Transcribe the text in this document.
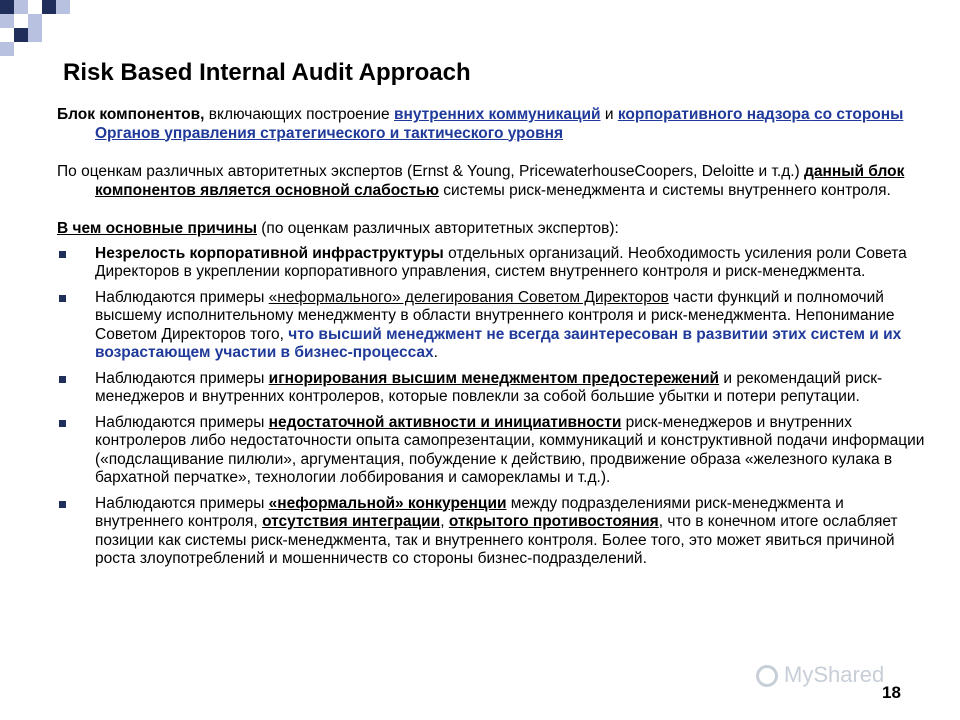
Risk Based Internal Audit Approach

Блок компонентов, включающих построение внутренних коммуникаций и корпоративного надзора со стороны Органов управления стратегического и тактического уровня

По оценкам различных авторитетных экспертов (Ernst & Young, PricewaterhouseCoopers, Deloitte и т.д.) данный блок компонентов является основной слабостью системы риск-менеджмента и системы внутреннего контроля.

В чем основные причины (по оценкам различных авторитетных экспертов):

Незрелость корпоративной инфраструктуры отдельных организаций. Необходимость усиления роли Совета Директоров в укреплении корпоративного управления, систем внутреннего контроля и риск-менеджмента.
Наблюдаются примеры «неформального» делегирования Советом Директоров части функций и полномочий высшему исполнительному менеджменту в области внутреннего контроля и риск-менеджмента. Непонимание Советом Директоров того, что высший менеджмент не всегда заинтересован в развитии этих систем и их возрастающем участии в бизнес-процессах.
Наблюдаются примеры игнорирования высшим менеджментом предостережений и рекомендаций риск-менеджеров и внутренних контролеров, которые повлекли за собой большие убытки и потери репутации.
Наблюдаются примеры недостаточной активности и инициативности риск-менеджеров и внутренних контролеров либо недостаточности опыта самопрезентации, коммуникаций и конструктивной подачи информации («подслащивание пилюли», аргументация, побуждение к действию, продвижение образа «железного кулака в бархатной перчатке», технологии лоббирования и саморекламы и т.д.).
Наблюдаются примеры «неформальной» конкуренции между подразделениями риск-менеджмента и внутреннего контроля, отсутствия интеграции, открытого противостояния, что в конечном итоге ослабляет позиции как системы риск-менеджмента, так и внутреннего контроля. Более того, это может явиться причиной роста злоупотреблений и мошенничеств со стороны бизнес-подразделений.
MyShared
18
